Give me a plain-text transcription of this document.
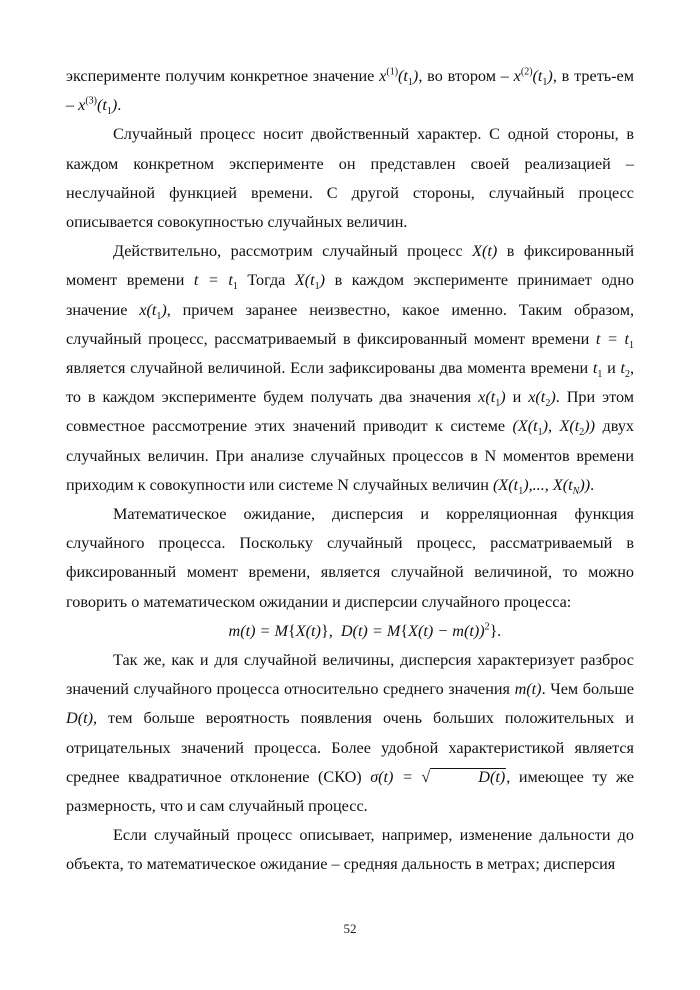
эксперименте получим конкретное значение $x^{(1)}(t_1)$, во втором – $x^{(2)}(t_1)$, в треть-ем – $x^{(3)}(t_1)$.

Случайный процесс носит двойственный характер. С одной стороны, в каждом конкретном эксперименте он представлен своей реализацией – неслучайной функцией времени. С другой стороны, случайный процесс описывается совокупностью случайных величин.

Действительно, рассмотрим случайный процесс X(t) в фиксированный момент времени $t = t_1$ Тогда $X(t_1)$ в каждом эксперименте принимает одно значение $x(t_1)$, причем заранее неизвестно, какое именно. Таким образом, случайный процесс, рассматриваемый в фиксированный момент времени $t = t_1$ является случайной величиной. Если зафиксированы два момента времени $t_1$ и $t_2$, то в каждом эксперименте будем получать два значения $x(t_1)$ и $x(t_2)$. При этом совместное рассмотрение этих значений приводит к системе ($X(t_1)$, $X(t_2)$) двух случайных величин. При анализе случайных процессов в N моментов времени приходим к совокупности или системе N случайных величин ($X(t_1)$,..., $X(t_N)$).

Математическое ожидание, дисперсия и корреляционная функция случайного процесса. Поскольку случайный процесс, рассматриваемый в фиксированный момент времени, является случайной величиной, то можно говорить о математическом ожидании и дисперсии случайного процесса:

m(t) = M{X(t)},  D(t) = M{X(t) − m(t))$^2$}.

Так же, как и для случайной величины, дисперсия характеризует разброс значений случайного процесса относительно среднего значения m(t). Чем больше D(t), тем больше вероятность появления очень больших положительных и отрицательных значений процесса. Более удобной характеристикой является среднее квадратичное отклонение (СКО) σ(t) = √	D(t), имеющее ту же размерность, что и сам случайный процесс.

Если случайный процесс описывает, например, изменение дальности до объекта, то математическое ожидание – средняя дальность в метрах; дисперсия

52
